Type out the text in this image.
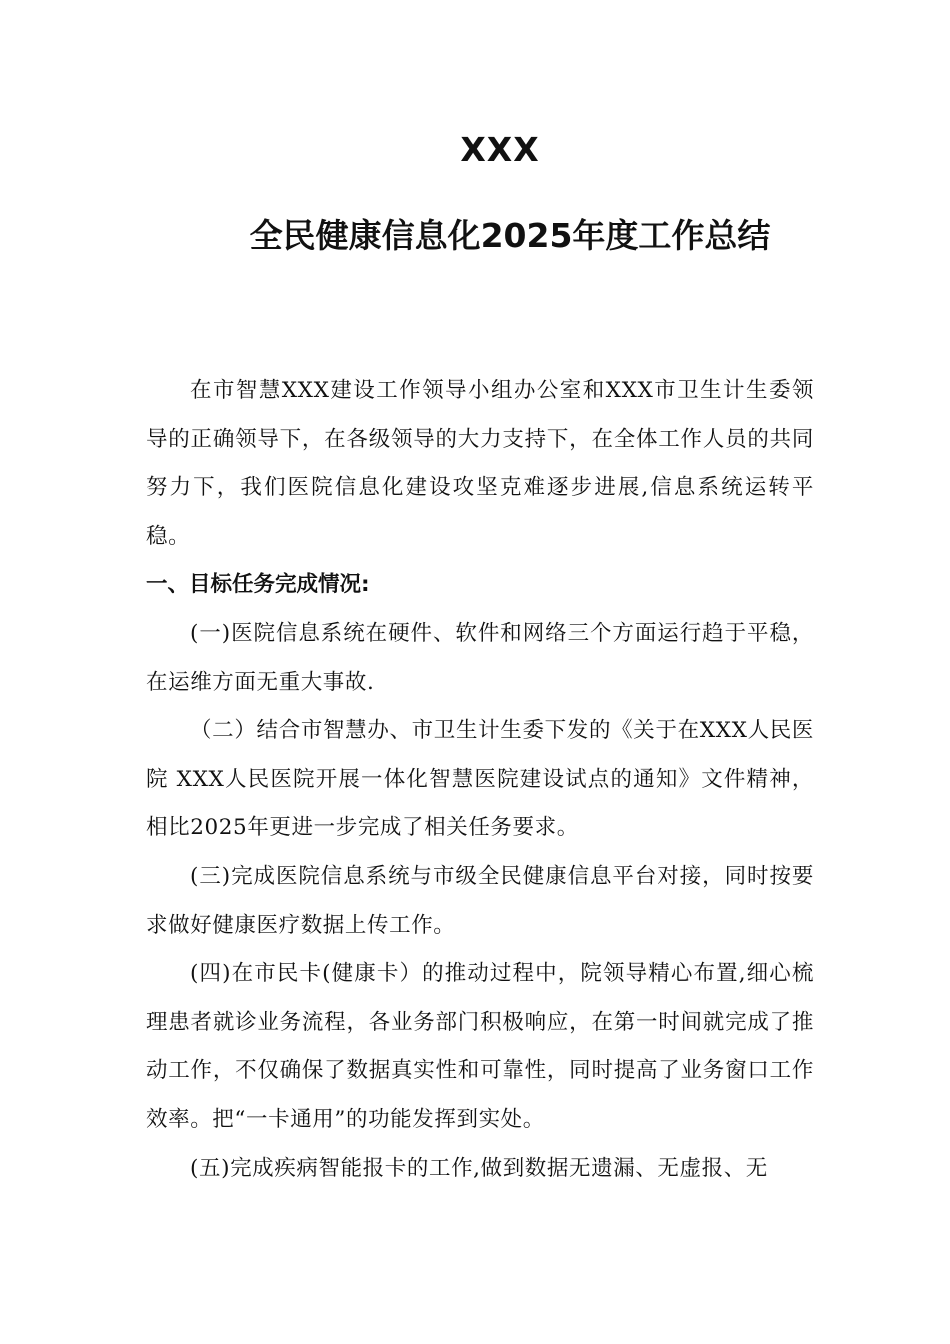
XXX
全民健康信息化2025年度工作总结

在市智慧XXX建设工作领导小组办公室和XXX市卫生计生委领导的正确领导下，在各级领导的大力支持下，在全体工作人员的共同努力下，我们医院信息化建设攻坚克难逐步进展,信息系统运转平稳。

一、目标任务完成情况:

(一)医院信息系统在硬件、软件和网络三个方面运行趋于平稳，在运维方面无重大事故.

（二）结合市智慧办、市卫生计生委下发的《关于在XXX人民医院 XXX人民医院开展一体化智慧医院建设试点的通知》文件精神，相比2025年更进一步完成了相关任务要求。

(三)完成医院信息系统与市级全民健康信息平台对接，同时按要求做好健康医疗数据上传工作。

(四)在市民卡(健康卡）的推动过程中，院领导精心布置,细心梳理患者就诊业务流程，各业务部门积极响应，在第一时间就完成了推动工作，不仅确保了数据真实性和可靠性，同时提高了业务窗口工作效率。把“一卡通用”的功能发挥到实处。

(五)完成疾病智能报卡的工作,做到数据无遗漏、无虚报、无
